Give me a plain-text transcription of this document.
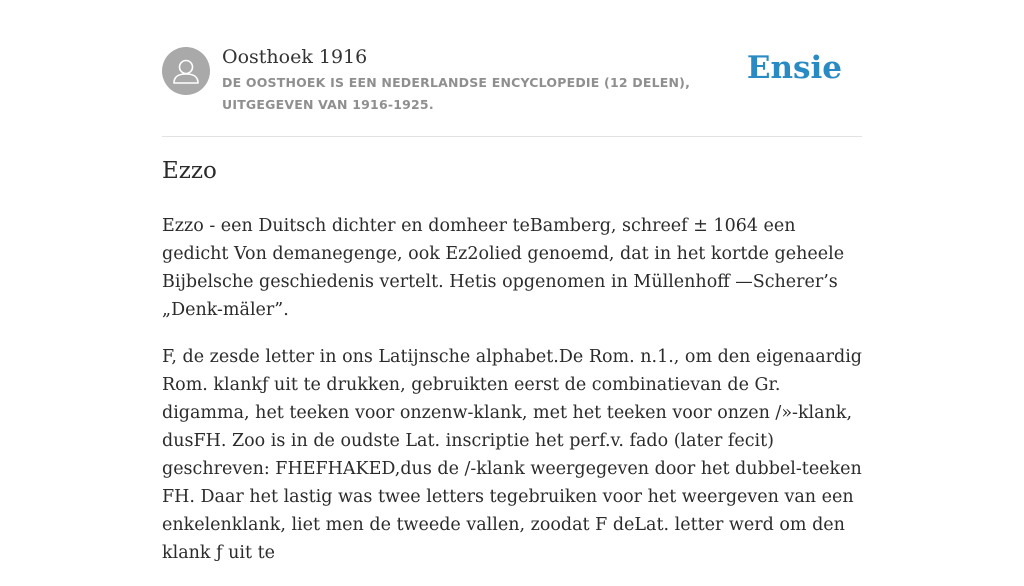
Oosthoek 1916
DE OOSTHOEK IS EEN NEDERLANDSE ENCYCLOPEDIE (12 DELEN), UITGEGEVEN VAN 1916-1925.
Ensie
Ezzo

Ezzo - een Duitsch dichter en domheer teBamberg, schreef ± 1064 een gedicht Von demanegenge, ook Ez2olied genoemd, dat in het kortde geheele Bijbelsche geschiedenis vertelt. Hetis opgenomen in Müllenhoff —Scherer’s „Denk-mäler”.

F, de zesde letter in ons Latijnsche alphabet.De Rom. n.1., om den eigenaardig Rom. klankƒ uit te drukken, gebruikten eerst de combinatievan de Gr. digamma, het teeken voor onzenw-klank, met het teeken voor onzen /»-klank, dusFH. Zoo is in de oudste Lat. inscriptie het perf.v. fado (later fecit) geschreven: FHEFHAKED,dus de /-klank weergegeven door het dubbel-teeken FH. Daar het lastig was twee letters tegebruiken voor het weergeven van een enkelenklank, liet men de tweede vallen, zoodat F deLat. letter werd om den klank ƒ uit te
